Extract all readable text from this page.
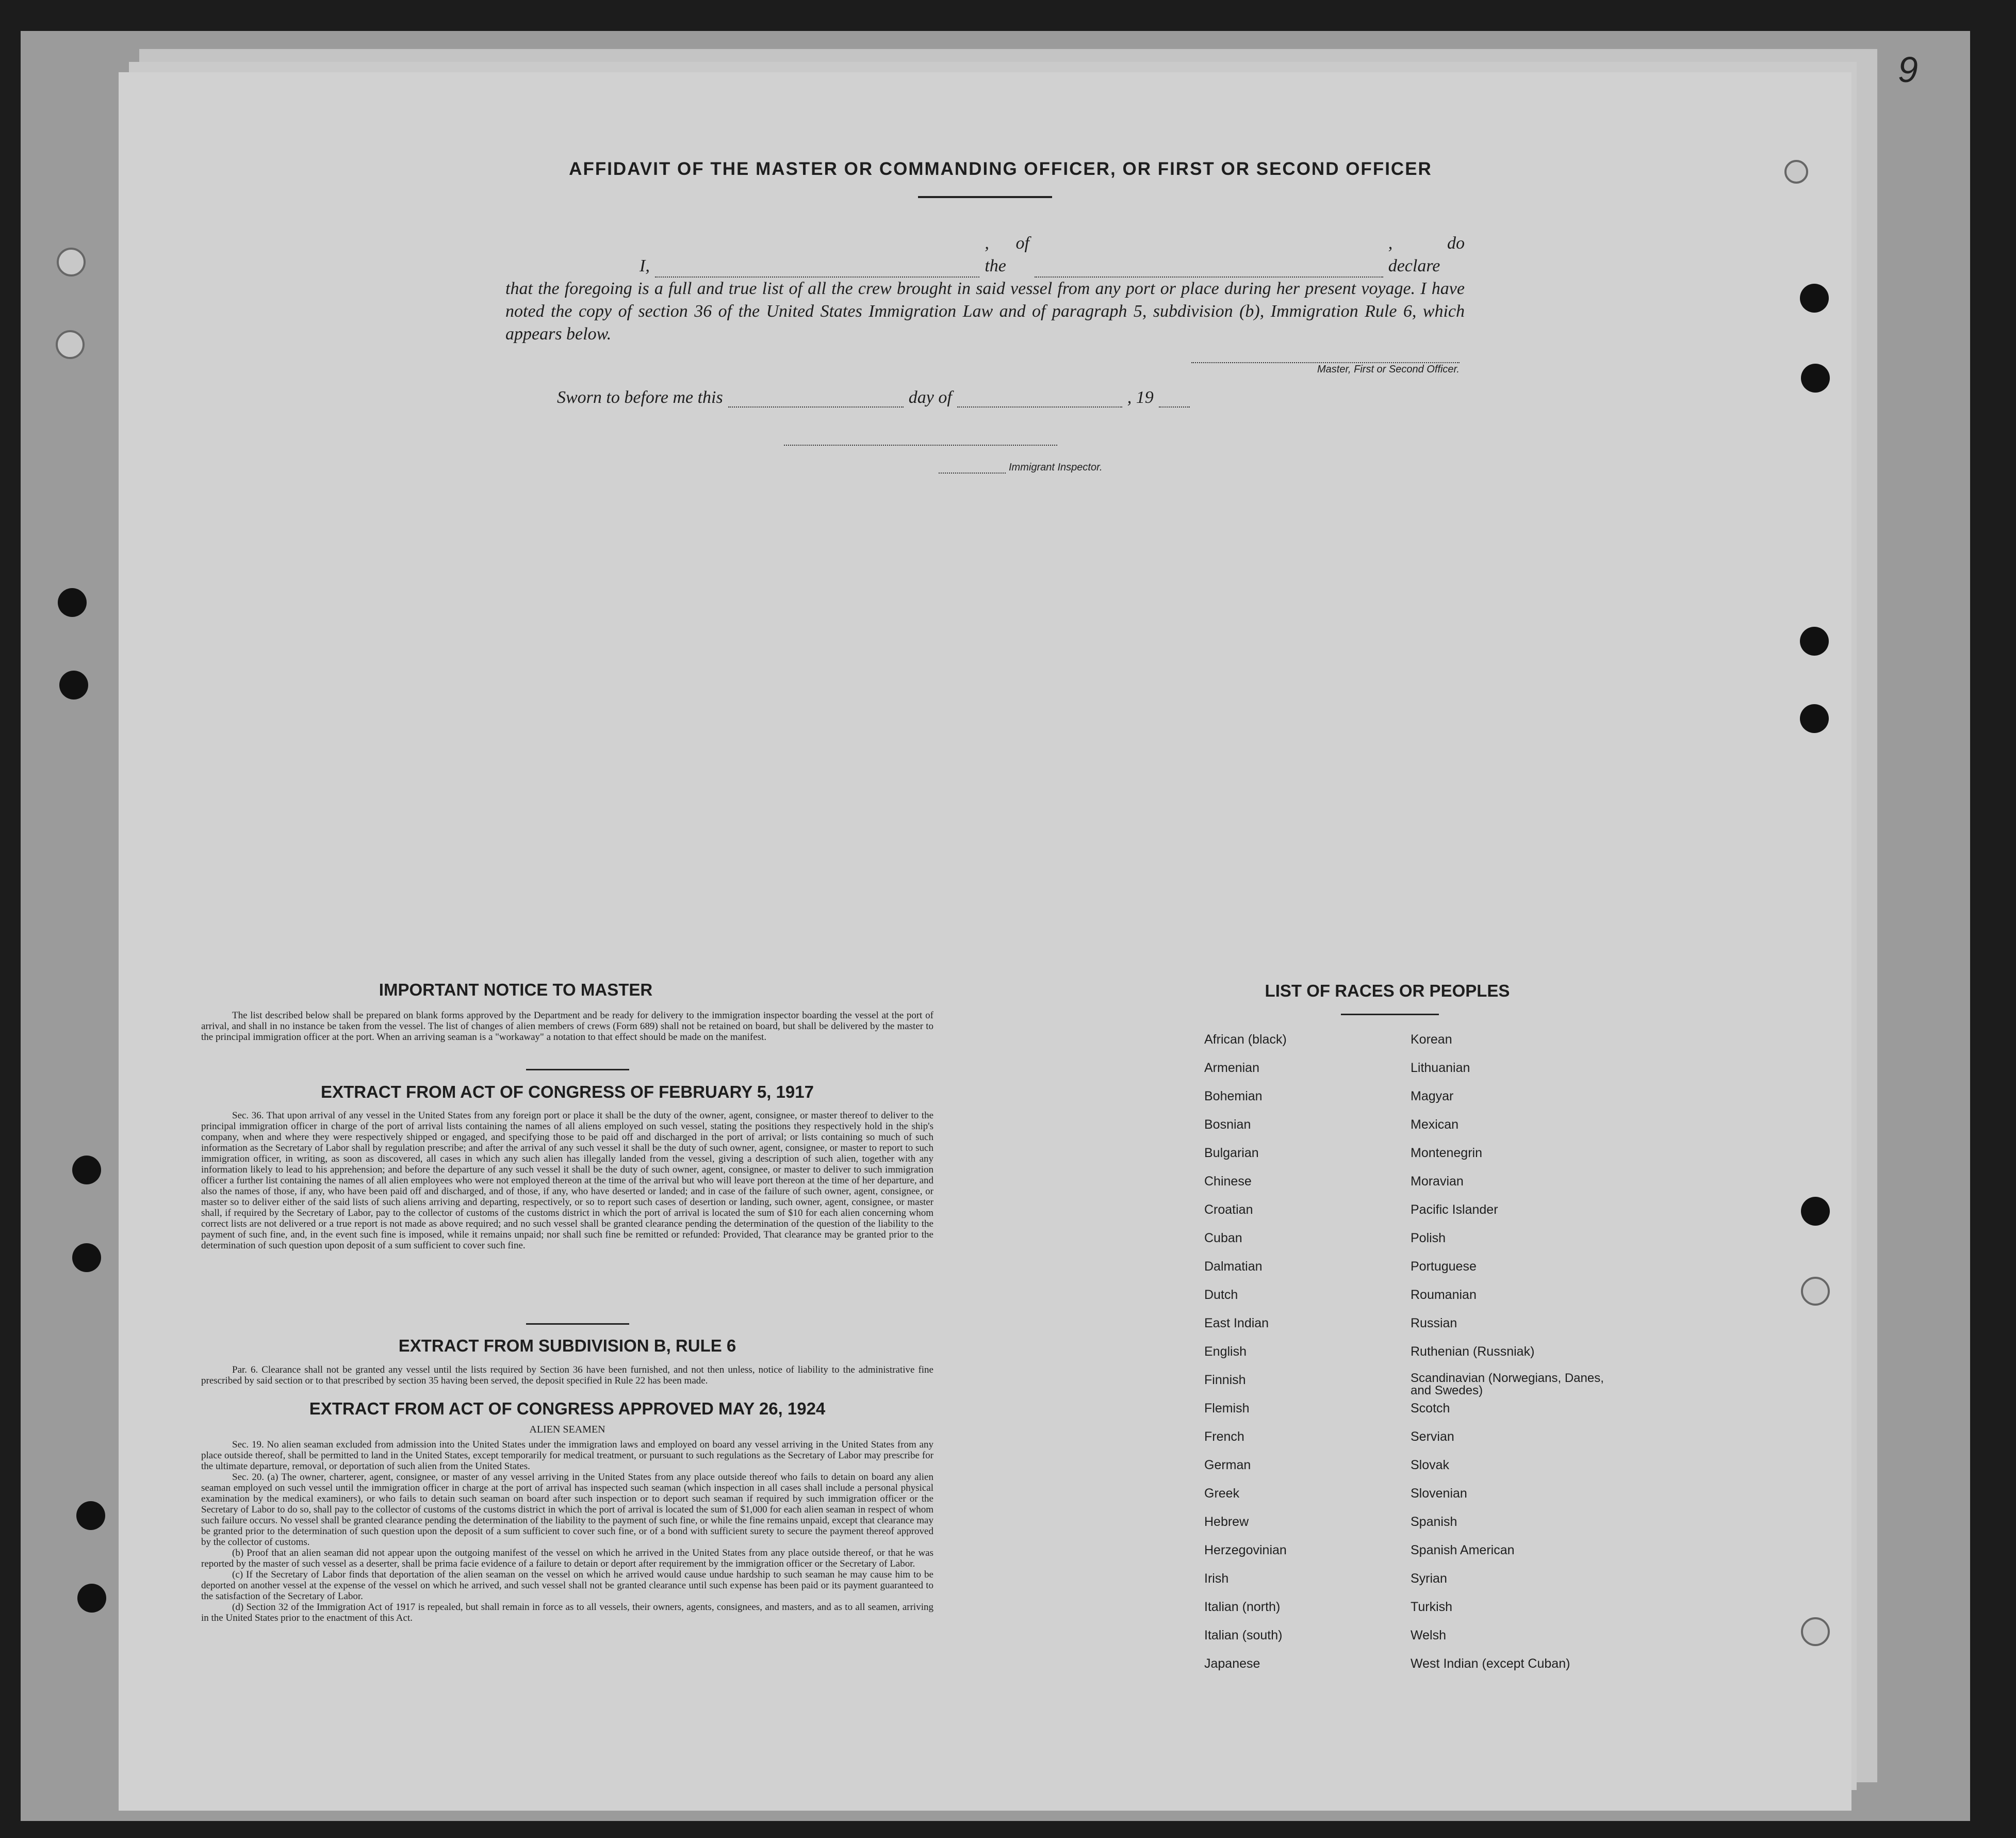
AFFIDAVIT OF THE MASTER OR COMMANDING OFFICER, OR FIRST OR SECOND OFFICER
I,
, of the
, do declare
that the foregoing is a full and true list of all the crew brought in said vessel from any port or place during her present voyage. I have noted the copy of section 36 of the United States Immigration Law and of paragraph 5, subdivision (b), Immigration Rule 6, which appears below.
Master, First or Second Officer.
Sworn to before me this	day of	, 19
Immigrant Inspector.
IMPORTANT NOTICE TO MASTER
The list described below shall be prepared on blank forms approved by the Department and be ready for delivery to the immigration inspector boarding the vessel at the port of arrival, and shall in no instance be taken from the vessel. The list of changes of alien members of crews (Form 689) shall not be retained on board, but shall be delivered by the master to the principal immigration officer at the port. When an arriving seaman is a "workaway" a notation to that effect should be made on the manifest.
EXTRACT FROM ACT OF CONGRESS OF FEBRUARY 5, 1917
Sec. 36. That upon arrival of any vessel in the United States from any foreign port or place it shall be the duty of the owner, agent, consignee, or master thereof to deliver to the principal immigration officer in charge of the port of arrival lists containing the names of all aliens employed on such vessel, stating the positions they respectively hold in the ship's company, when and where they were respectively shipped or engaged, and specifying those to be paid off and discharged in the port of arrival; or lists containing so much of such information as the Secretary of Labor shall by regulation prescribe; and after the arrival of any such vessel it shall be the duty of such owner, agent, consignee, or master to report to such immigration officer, in writing, as soon as discovered, all cases in which any such alien has illegally landed from the vessel, giving a description of such alien, together with any information likely to lead to his apprehension; and before the departure of any such vessel it shall be the duty of such owner, agent, consignee, or master to deliver to such immigration officer a further list containing the names of all alien employees who were not employed thereon at the time of the arrival but who will leave port thereon at the time of her departure, and also the names of those, if any, who have been paid off and discharged, and of those, if any, who have deserted or landed; and in case of the failure of such owner, agent, consignee, or master so to deliver either of the said lists of such aliens arriving and departing, respectively, or so to report such cases of desertion or landing, such owner, agent, consignee, or master shall, if required by the Secretary of Labor, pay to the collector of customs of the customs district in which the port of arrival is located the sum of $10 for each alien concerning whom correct lists are not delivered or a true report is not made as above required; and no such vessel shall be granted clearance pending the determination of the question of the liability to the payment of such fine, and, in the event such fine is imposed, while it remains unpaid; nor shall such fine be remitted or refunded: Provided, That clearance may be granted prior to the determination of such question upon deposit of a sum sufficient to cover such fine.
EXTRACT FROM SUBDIVISION B, RULE 6
Par. 6. Clearance shall not be granted any vessel until the lists required by Section 36 have been furnished, and not then unless, notice of liability to the administrative fine prescribed by said section or to that prescribed by section 35 having been served, the deposit specified in Rule 22 has been made.
EXTRACT FROM ACT OF CONGRESS APPROVED MAY 26, 1924
ALIEN SEAMEN
Sec. 19. No alien seaman excluded from admission into the United States under the immigration laws and employed on board any vessel arriving in the United States from any place outside thereof, shall be permitted to land in the United States, except temporarily for medical treatment, or pursuant to such regulations as the Secretary of Labor may prescribe for the ultimate departure, removal, or deportation of such alien from the United States.
Sec. 20. (a) The owner, charterer, agent, consignee, or master of any vessel arriving in the United States from any place outside thereof who fails to detain on board any alien seaman employed on such vessel until the immigration officer in charge at the port of arrival has inspected such seaman (which inspection in all cases shall include a personal physical examination by the medical examiners), or who fails to detain such seaman on board after such inspection or to deport such seaman if required by such immigration officer or the Secretary of Labor to do so, shall pay to the collector of customs of the customs district in which the port of arrival is located the sum of $1,000 for each alien seaman in respect of whom such failure occurs. No vessel shall be granted clearance pending the determination of the liability to the payment of such fine, or while the fine remains unpaid, except that clearance may be granted prior to the determination of such question upon the deposit of a sum sufficient to cover such fine, or of a bond with sufficient surety to secure the payment thereof approved by the collector of customs.
(b) Proof that an alien seaman did not appear upon the outgoing manifest of the vessel on which he arrived in the United States from any place outside thereof, or that he was reported by the master of such vessel as a deserter, shall be prima facie evidence of a failure to detain or deport after requirement by the immigration officer or the Secretary of Labor.
(c) If the Secretary of Labor finds that deportation of the alien seaman on the vessel on which he arrived would cause undue hardship to such seaman he may cause him to be deported on another vessel at the expense of the vessel on which he arrived, and such vessel shall not be granted clearance until such expense has been paid or its payment guaranteed to the satisfaction of the Secretary of Labor.
(d) Section 32 of the Immigration Act of 1917 is repealed, but shall remain in force as to all vessels, their owners, agents, consignees, and masters, and as to all seamen, arriving in the United States prior to the enactment of this Act.
LIST OF RACES OR PEOPLES
African (black)
Armenian
Bohemian
Bosnian
Bulgarian
Chinese
Croatian
Cuban
Dalmatian
Dutch
East Indian
English
Finnish
Flemish
French
German
Greek
Hebrew
Herzegovinian
Irish
Italian (north)
Italian (south)
Japanese
Korean
Lithuanian
Magyar
Mexican
Montenegrin
Moravian
Pacific Islander
Polish
Portuguese
Roumanian
Russian
Ruthenian (Russniak)
Scandinavian (Norwegians, Danes, and Swedes)
Scotch
Servian
Slovak
Slovenian
Spanish
Spanish American
Syrian
Turkish
Welsh
West Indian (except Cuban)
9
